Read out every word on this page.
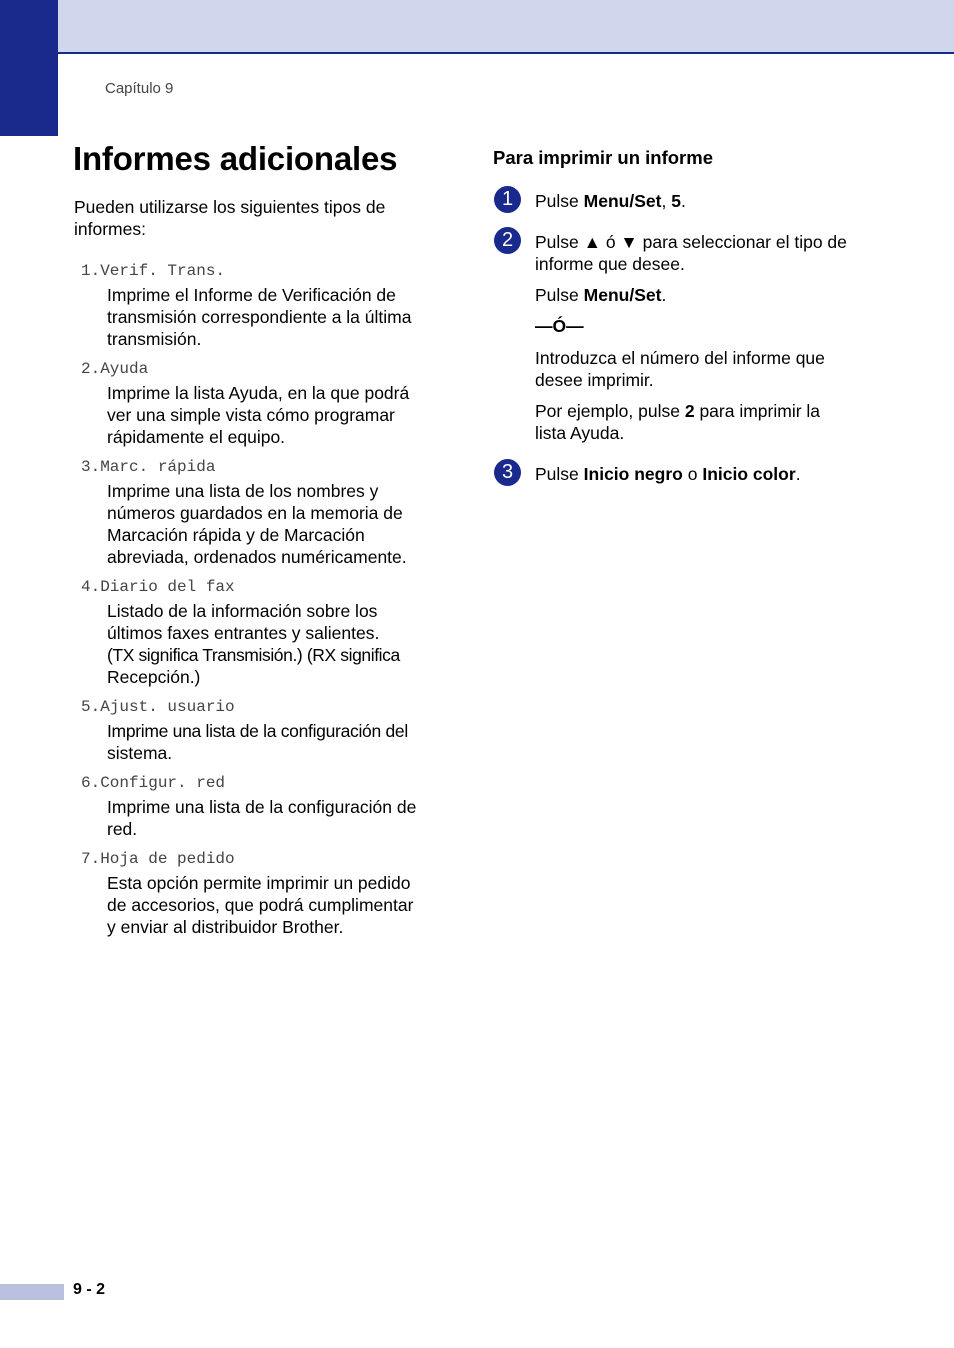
Capítulo 9
Informes adicionales
Pueden utilizarse los siguientes tipos de
informes:
1.Verif. Trans.
Imprime el Informe de Verificación de
transmisión correspondiente a la última
transmisión.
2.Ayuda
Imprime la lista Ayuda, en la que podrá
ver una simple vista cómo programar
rápidamente el equipo.
3.Marc. rápida
Imprime una lista de los nombres y
números guardados en la memoria de
Marcación rápida y de Marcación
abreviada, ordenados numéricamente.
4.Diario del fax
Listado de la información sobre los
últimos faxes entrantes y salientes.
(TX significa Transmisión.) (RX significa
Recepción.)
5.Ajust. usuario
Imprime una lista de la configuración del
sistema.
6.Configur. red
Imprime una lista de la configuración de
red.
7.Hoja de pedido
Esta opción permite imprimir un pedido
de accesorios, que podrá cumplimentar
y enviar al distribuidor Brother.
Para imprimir un informe
1	Pulse Menu/Set, 5.
2	Pulse ▲ ó ▼ para seleccionar el tipo de
informe que desee.
Pulse Menu/Set.
—Ó—
Introduzca el número del informe que
desee imprimir.
Por ejemplo, pulse 2 para imprimir la
lista Ayuda.
3	Pulse Inicio negro o Inicio color.
9 - 2
